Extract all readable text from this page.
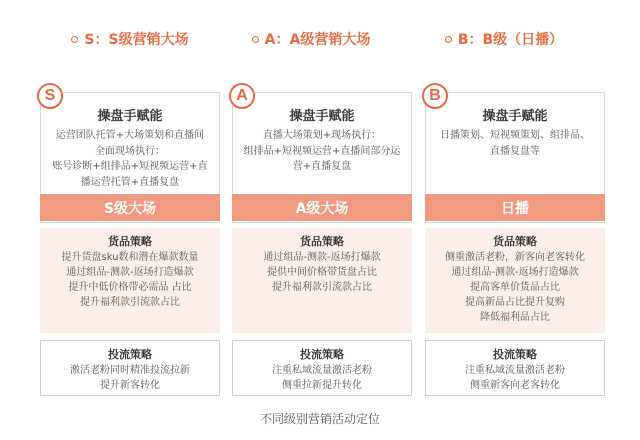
S：S级营销大场
操盘手赋能
运营团队托管+大场策划和直播间
全面现场执行：
账号诊断+组排品+短视频运营+直
播运营托管+直播复盘
S级大场
S
货品策略
提升货盘sku数和潜在爆款数量
通过组品-测款-返场打造爆款
提升中低价格带必需品 占比
提升福利款引流款占比
投流策略
激活老粉同时精准投流拉新
提升新客转化
A：A级营销大场
操盘手赋能
直播大场策划+现场执行：
组排品+短视频运营+直播间部分运
营+直播复盘
A级大场
A
货品策略
通过组品-测款-返场打爆款
提供中间价格带货盘占比
提升福利款引流款占比
投流策略
注重私域流量激活老粉
侧重拉新提升转化
B：B级（日播）
操盘手赋能
日播策划、短视频策划、组排品、
直播复盘等
日播
B
货品策略
侧重激活老粉，新客向老客转化
通过组品-测款-返场打造爆款
提高客单价货品占比
提高新品占比提升复购
降低福利品占比
投流策略
注重私域流量激活老粉
侧重新客向老客转化
不同级别营销活动定位
